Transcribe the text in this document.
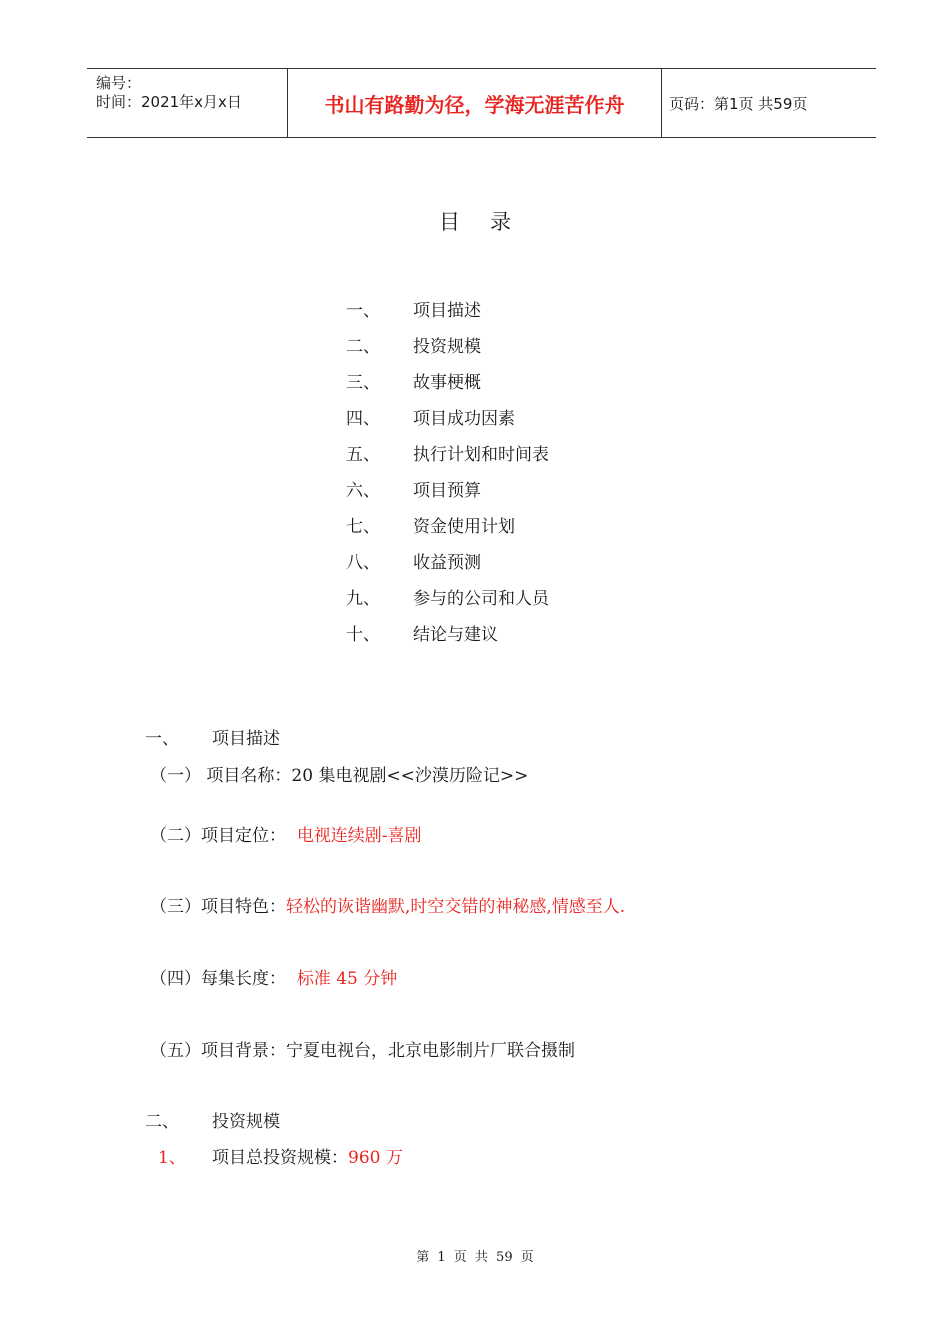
编号：
时间：2021年x月x日	书山有路勤为径，学海无涯苦作舟	页码：第1页 共59页
目录
一、	项目描述
二、	投资规模
三、	故事梗概
四、	项目成功因素
五、	执行计划和时间表
六、	项目预算
七、	资金使用计划
八、	收益预测
九、	参与的公司和人员
十、	结论与建议
一、	项目描述
（一） 项目名称：20 集电视剧<<沙漠历险记>>
（二）项目定位： 电视连续剧-喜剧
（三）项目特色：轻松的诙谐幽默,时空交错的神秘感,情感至人.
（四）每集长度： 标准 45 分钟
（五）项目背景：宁夏电视台，北京电影制片厂联合摄制
二、	投资规模
1、 项目总投资规模：960 万
第 1 页 共 59 页
